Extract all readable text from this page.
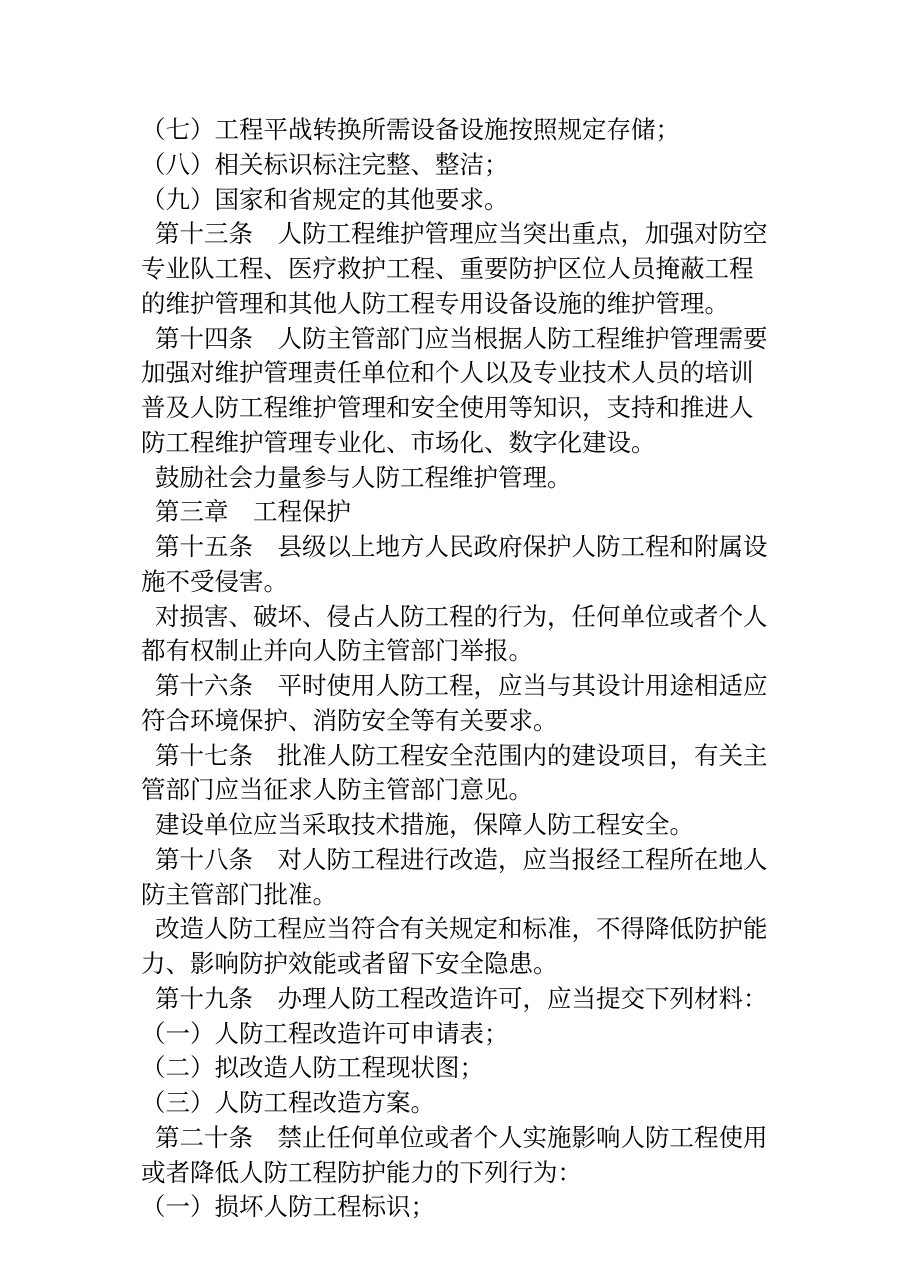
（七）工程平战转换所需设备设施按照规定存储；
（八）相关标识标注完整、整洁；
（九）国家和省规定的其他要求。
第十三条　人防工程维护管理应当突出重点，加强对防空
专业队工程、医疗救护工程、重要防护区位人员掩蔽工程
的维护管理和其他人防工程专用设备设施的维护管理。
第十四条　人防主管部门应当根据人防工程维护管理需要
加强对维护管理责任单位和个人以及专业技术人员的培训
普及人防工程维护管理和安全使用等知识，支持和推进人
防工程维护管理专业化、市场化、数字化建设。
鼓励社会力量参与人防工程维护管理。
第三章　工程保护
第十五条　县级以上地方人民政府保护人防工程和附属设
施不受侵害。
对损害、破坏、侵占人防工程的行为，任何单位或者个人
都有权制止并向人防主管部门举报。
第十六条　平时使用人防工程，应当与其设计用途相适应
符合环境保护、消防安全等有关要求。
第十七条　批准人防工程安全范围内的建设项目，有关主
管部门应当征求人防主管部门意见。
建设单位应当采取技术措施，保障人防工程安全。
第十八条　对人防工程进行改造，应当报经工程所在地人
防主管部门批准。
改造人防工程应当符合有关规定和标准，不得降低防护能
力、影响防护效能或者留下安全隐患。
第十九条　办理人防工程改造许可，应当提交下列材料：
（一）人防工程改造许可申请表；
（二）拟改造人防工程现状图；
（三）人防工程改造方案。
第二十条　禁止任何单位或者个人实施影响人防工程使用
或者降低人防工程防护能力的下列行为：
（一）损坏人防工程标识；
